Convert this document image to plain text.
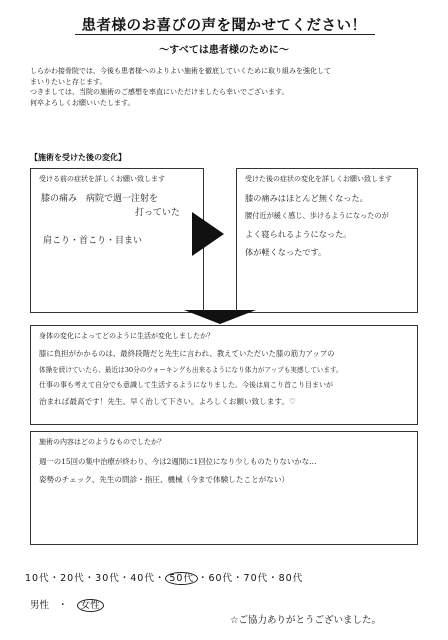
患者様のお喜びの声を聞かせてください！
～すべては患者様のために～
しらかわ接骨院では、今後も患者様へのよりよい施術を徹底していくために取り組みを強化して
まいりたいと存じます。
つきましては、当院の施術のご感想を率直にいただけましたら幸いでございます。
何卒よろしくお願いいたします。
【施術を受けた後の変化】
受ける前の症状を詳しくお願い致します
膝の痛み　病院で週一注射を
打っていた
肩こり・首こり・目まい
受けた後の症状の変化を詳しくお願い致します
膝の痛みはほとんど無くなった。
腰付近が緩く感じ、歩けるようになったのが
よく寝られるようになった。
体が軽くなったです。
身体の変化によってどのように生活が変化しましたか？
膝に負担がかかるのは、最終段階だと先生に言われ、教えていただいた膝の筋力アップの
体操を続けていたら、最近は30分のウォーキングも出来るようになり体力がアップも実感しています。
仕事の事も考えて自分でも意識して生活するようになりました。今後は肩こり首こり目まいが
治まれば最高です！先生、早く治して下さい。よろしくお願い致します。♡
施術の内容はどのようなものでしたか？
週一の15回の集中治療が終わり、今は2週間に1回位になり少しものたりないかな…
姿勢のチェック、先生の問診・指圧、機械（今まで体験したことがない）
10代・20代・30代・40代・ 50代 ・60代・70代・80代
男性 ・ 女性
☆ご協力ありがとうございました。
